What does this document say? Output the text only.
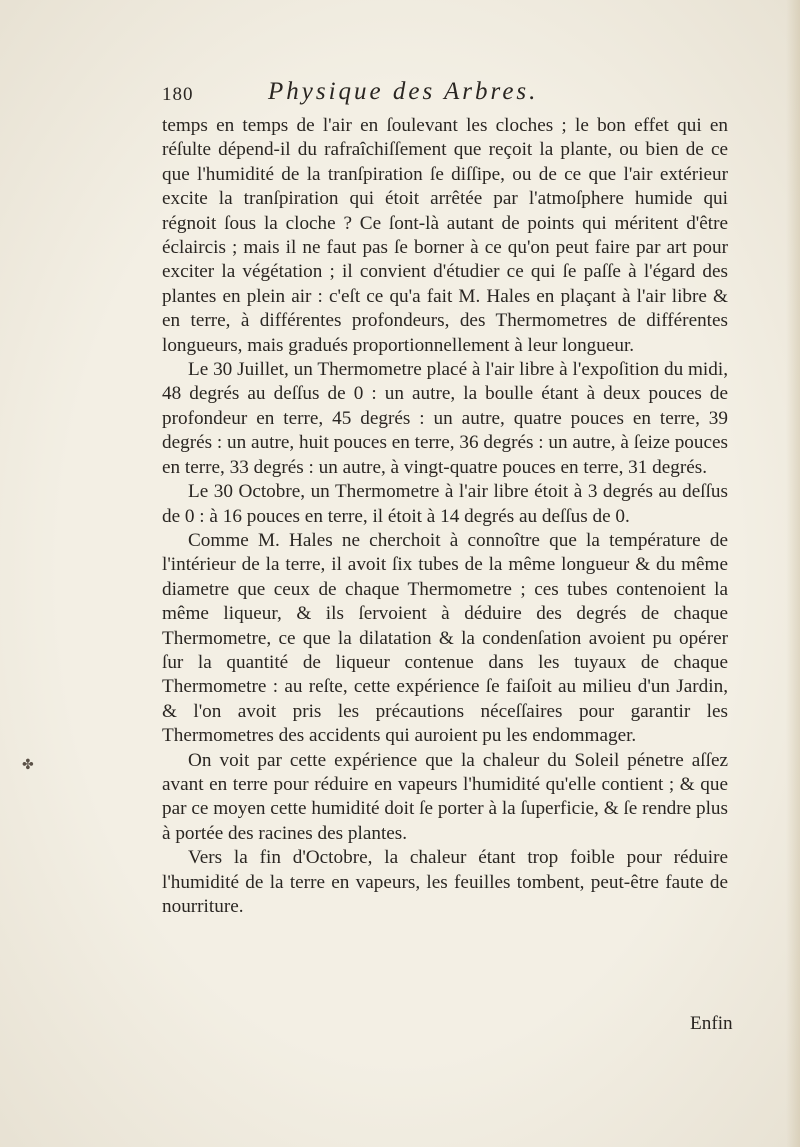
180	Physique des Arbres.

temps en temps de l'air en ſoulevant les cloches ; le bon effet qui en réſulte dépend-il du rafraîchiſſement que reçoit la plante, ou bien de ce que l'humidité de la tranſpiration ſe diſſipe, ou de ce que l'air extérieur excite la tranſpiration qui étoit arrêtée par l'atmoſphere humide qui régnoit ſous la cloche ? Ce ſont-là autant de points qui méritent d'être éclaircis ; mais il ne faut pas ſe borner à ce qu'on peut faire par art pour exciter la végétation ; il convient d'étudier ce qui ſe paſſe à l'égard des plantes en plein air : c'eſt ce qu'a fait M. Hales en plaçant à l'air libre & en terre, à différentes profondeurs, des Thermometres de différentes longueurs, mais gradués proportionnellement à leur longueur.

Le 30 Juillet, un Thermometre placé à l'air libre à l'expoſition du midi, 48 degrés au deſſus de 0 : un autre, la boulle étant à deux pouces de profondeur en terre, 45 degrés : un autre, quatre pouces en terre, 39 degrés : un autre, huit pouces en terre, 36 degrés : un autre, à ſeize pouces en terre, 33 degrés : un autre, à vingt-quatre pouces en terre, 31 degrés.

Le 30 Octobre, un Thermometre à l'air libre étoit à 3 degrés au deſſus de 0 : à 16 pouces en terre, il étoit à 14 degrés au deſſus de 0.

Comme M. Hales ne cherchoit à connoître que la température de l'intérieur de la terre, il avoit ſix tubes de la même longueur & du même diametre que ceux de chaque Thermometre ; ces tubes contenoient la même liqueur, & ils ſervoient à déduire des degrés de chaque Thermometre, ce que la dilatation & la condenſation avoient pu opérer ſur la quantité de liqueur contenue dans les tuyaux de chaque Thermometre : au reſte, cette expérience ſe faiſoit au milieu d'un Jardin, & l'on avoit pris les précautions néceſſaires pour garantir les Thermometres des accidents qui auroient pu les endommager.

On voit par cette expérience que la chaleur du Soleil pénetre aſſez avant en terre pour réduire en vapeurs l'humidité qu'elle contient ; & que par ce moyen cette humidité doit ſe porter à la ſuperficie, & ſe rendre plus à portée des racines des plantes.

Vers la fin d'Octobre, la chaleur étant trop foible pour réduire l'humidité de la terre en vapeurs, les feuilles tombent, peut-être faute de nourriture.

Enfin
✤
